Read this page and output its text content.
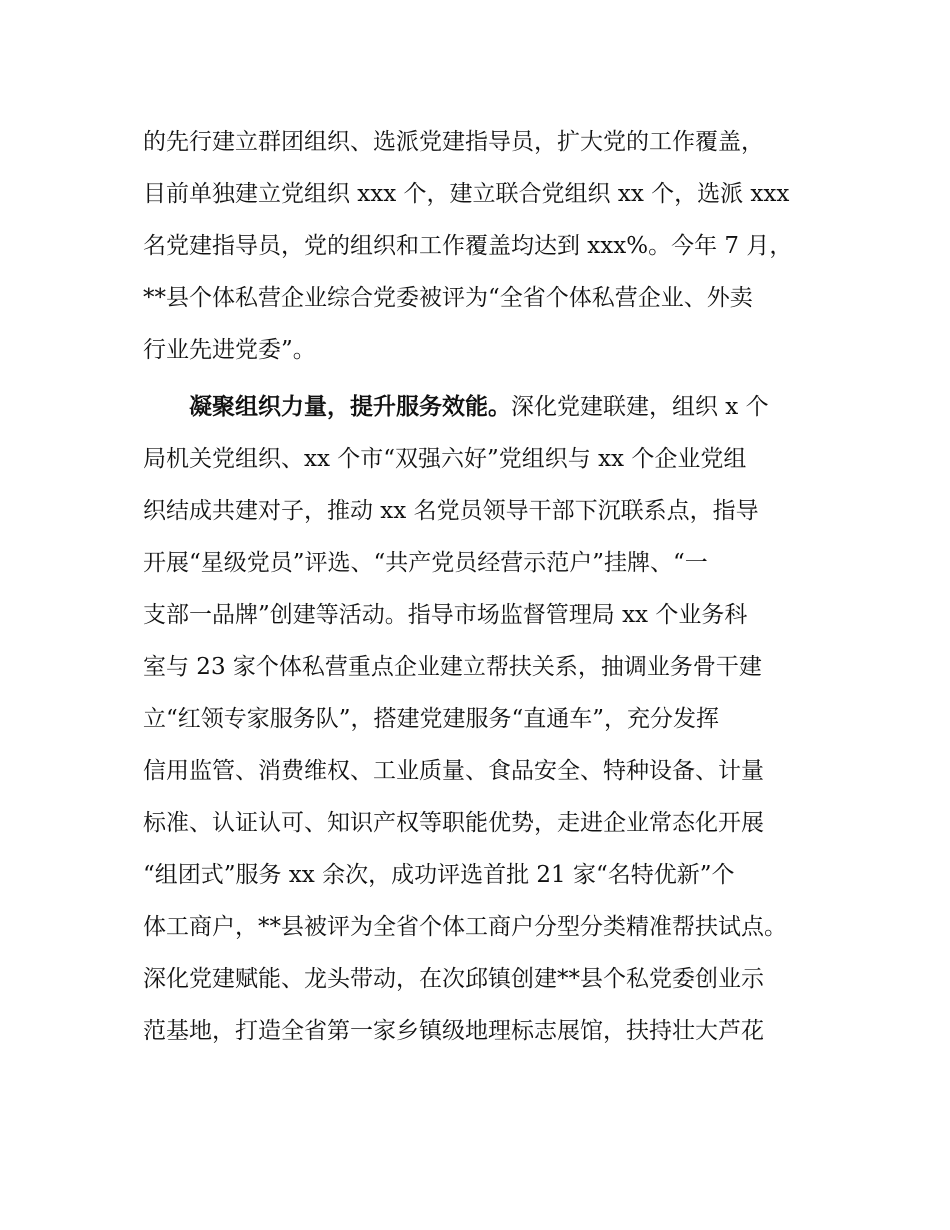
的先行建立群团组织、选派党建指导员，扩大党的工作覆盖，
目前单独建立党组织 xxx 个，建立联合党组织 xx 个，选派 xxx
名党建指导员，党的组织和工作覆盖均达到 xxx%。今年 7 月，
**县个体私营企业综合党委被评为“全省个体私营企业、外卖
行业先进党委”。
凝聚组织力量，提升服务效能。深化党建联建，组织 x 个
局机关党组织、xx 个市“双强六好”党组织与 xx 个企业党组
织结成共建对子，推动 xx 名党员领导干部下沉联系点，指导
开展“星级党员”评选、“共产党员经营示范户”挂牌、“一
支部一品牌”创建等活动。指导市场监督管理局 xx 个业务科
室与 23 家个体私营重点企业建立帮扶关系，抽调业务骨干建
立“红领专家服务队”，搭建党建服务“直通车”，充分发挥
信用监管、消费维权、工业质量、食品安全、特种设备、计量
标准、认证认可、知识产权等职能优势，走进企业常态化开展
“组团式”服务 xx 余次，成功评选首批 21 家“名特优新”个
体工商户，**县被评为全省个体工商户分型分类精准帮扶试点。
深化党建赋能、龙头带动，在次邱镇创建**县个私党委创业示
范基地，打造全省第一家乡镇级地理标志展馆，扶持壮大芦花
